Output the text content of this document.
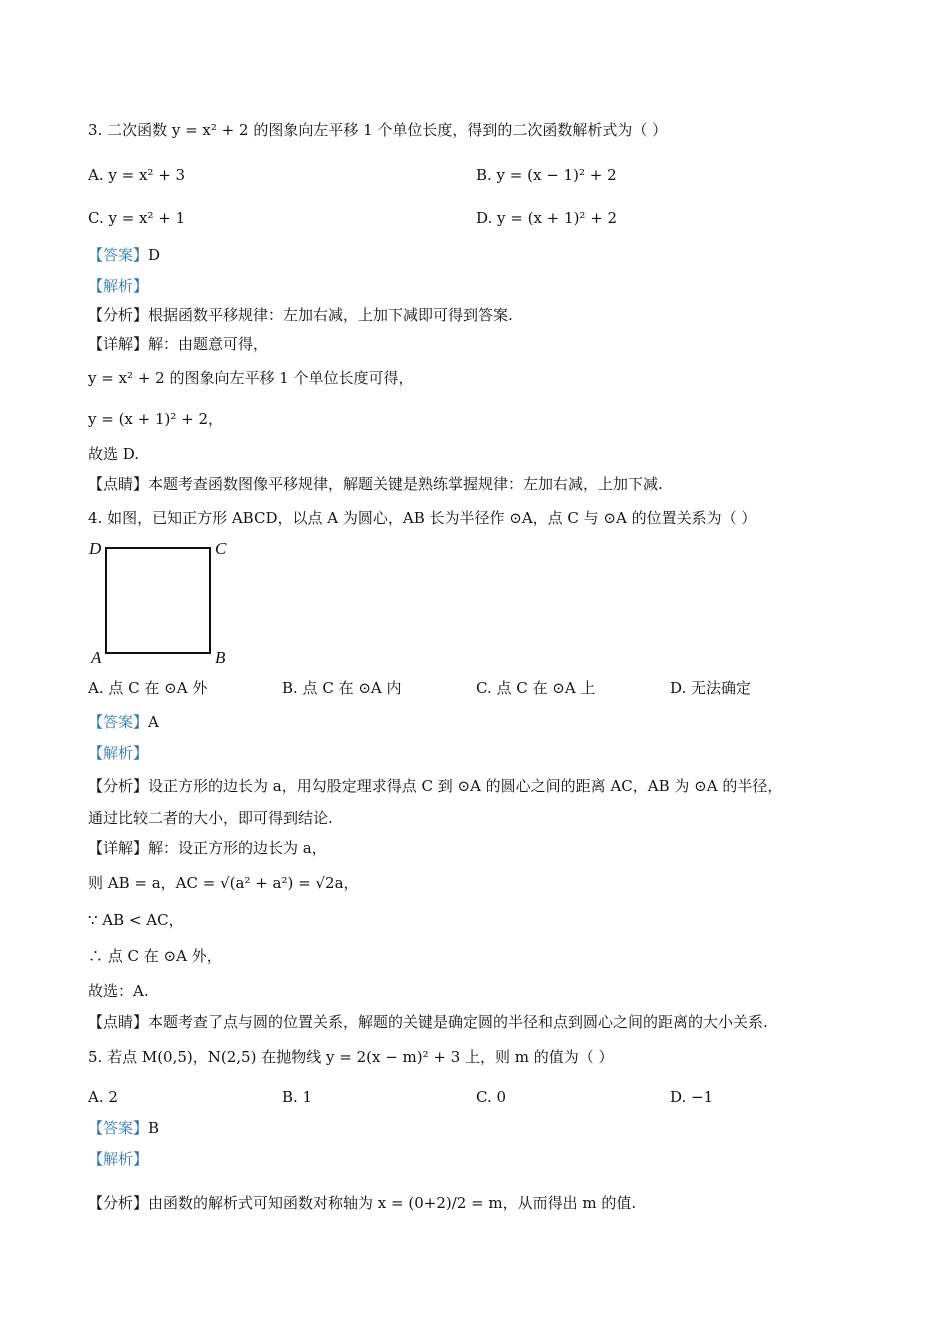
3. 二次函数 y = x² + 2 的图象向左平移 1 个单位长度，得到的二次函数解析式为（ ）
A. y = x² + 3	B. y = (x − 1)² + 2
C. y = x² + 1	D. y = (x + 1)² + 2
【答案】D
【解析】
【分析】根据函数平移规律：左加右减，上加下减即可得到答案.
【详解】解：由题意可得，
y = x² + 2 的图象向左平移 1 个单位长度可得，
y = (x + 1)² + 2，
故选 D.
【点睛】本题考查函数图像平移规律，解题关键是熟练掌握规律：左加右减，上加下减.
4. 如图，已知正方形 ABCD，以点 A 为圆心，AB 长为半径作 ⊙A，点 C 与 ⊙A 的位置关系为（ ）
D	C
A	B
A. 点 C 在 ⊙A 外	B. 点 C 在 ⊙A 内	C. 点 C 在 ⊙A 上	D. 无法确定
【答案】A
【解析】
【分析】设正方形的边长为 a，用勾股定理求得点 C 到 ⊙A 的圆心之间的距离 AC，AB 为 ⊙A 的半径，
通过比较二者的大小，即可得到结论.
【详解】解：设正方形的边长为 a，
则 AB = a，AC = √(a² + a²) = √2a，
∵ AB < AC，
∴ 点 C 在 ⊙A 外，
故选：A.
【点睛】本题考查了点与圆的位置关系，解题的关键是确定圆的半径和点到圆心之间的距离的大小关系.
5. 若点 M(0,5)，N(2,5) 在抛物线 y = 2(x − m)² + 3 上，则 m 的值为（ ）
A. 2	B. 1	C. 0	D. −1
【答案】B
【解析】
【分析】由函数的解析式可知函数对称轴为 x = (0+2)/2 = m，从而得出 m 的值.
